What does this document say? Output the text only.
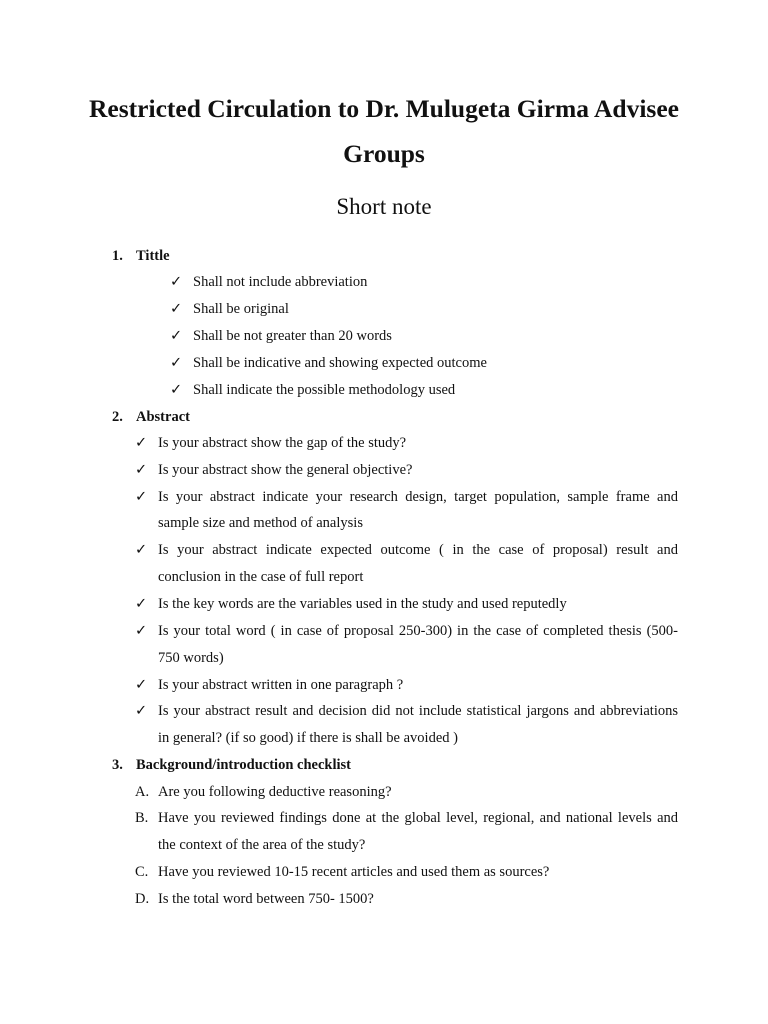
Restricted Circulation to Dr. Mulugeta Girma Advisee
Groups
Short note
1. Tittle
✓ Shall not include abbreviation
✓ Shall be original
✓ Shall be not greater than 20 words
✓ Shall be indicative and showing expected outcome
✓ Shall indicate the possible methodology used
2. Abstract
✓ Is your abstract show the gap of the study?
✓ Is your abstract show the general objective?
✓ Is your abstract indicate your research design, target population, sample frame and
sample size and method of analysis
✓ Is your abstract indicate expected outcome ( in the case of proposal) result and
conclusion in the case of full report
✓ Is the key words are the variables used in the study and used reputedly
✓ Is your total word ( in case of proposal 250-300) in the case of completed thesis (500-
750 words)
✓ Is your abstract written in one paragraph ?
✓ Is your abstract result and decision did not include statistical jargons and abbreviations
in general? (if so good) if there is shall be avoided )
3. Background/introduction checklist
A. Are you following deductive reasoning?
B. Have you reviewed findings done at the global level, regional, and national levels and
the context of the area of the study?
C. Have you reviewed 10-15 recent articles and used them as sources?
D. Is the total word between 750- 1500?
